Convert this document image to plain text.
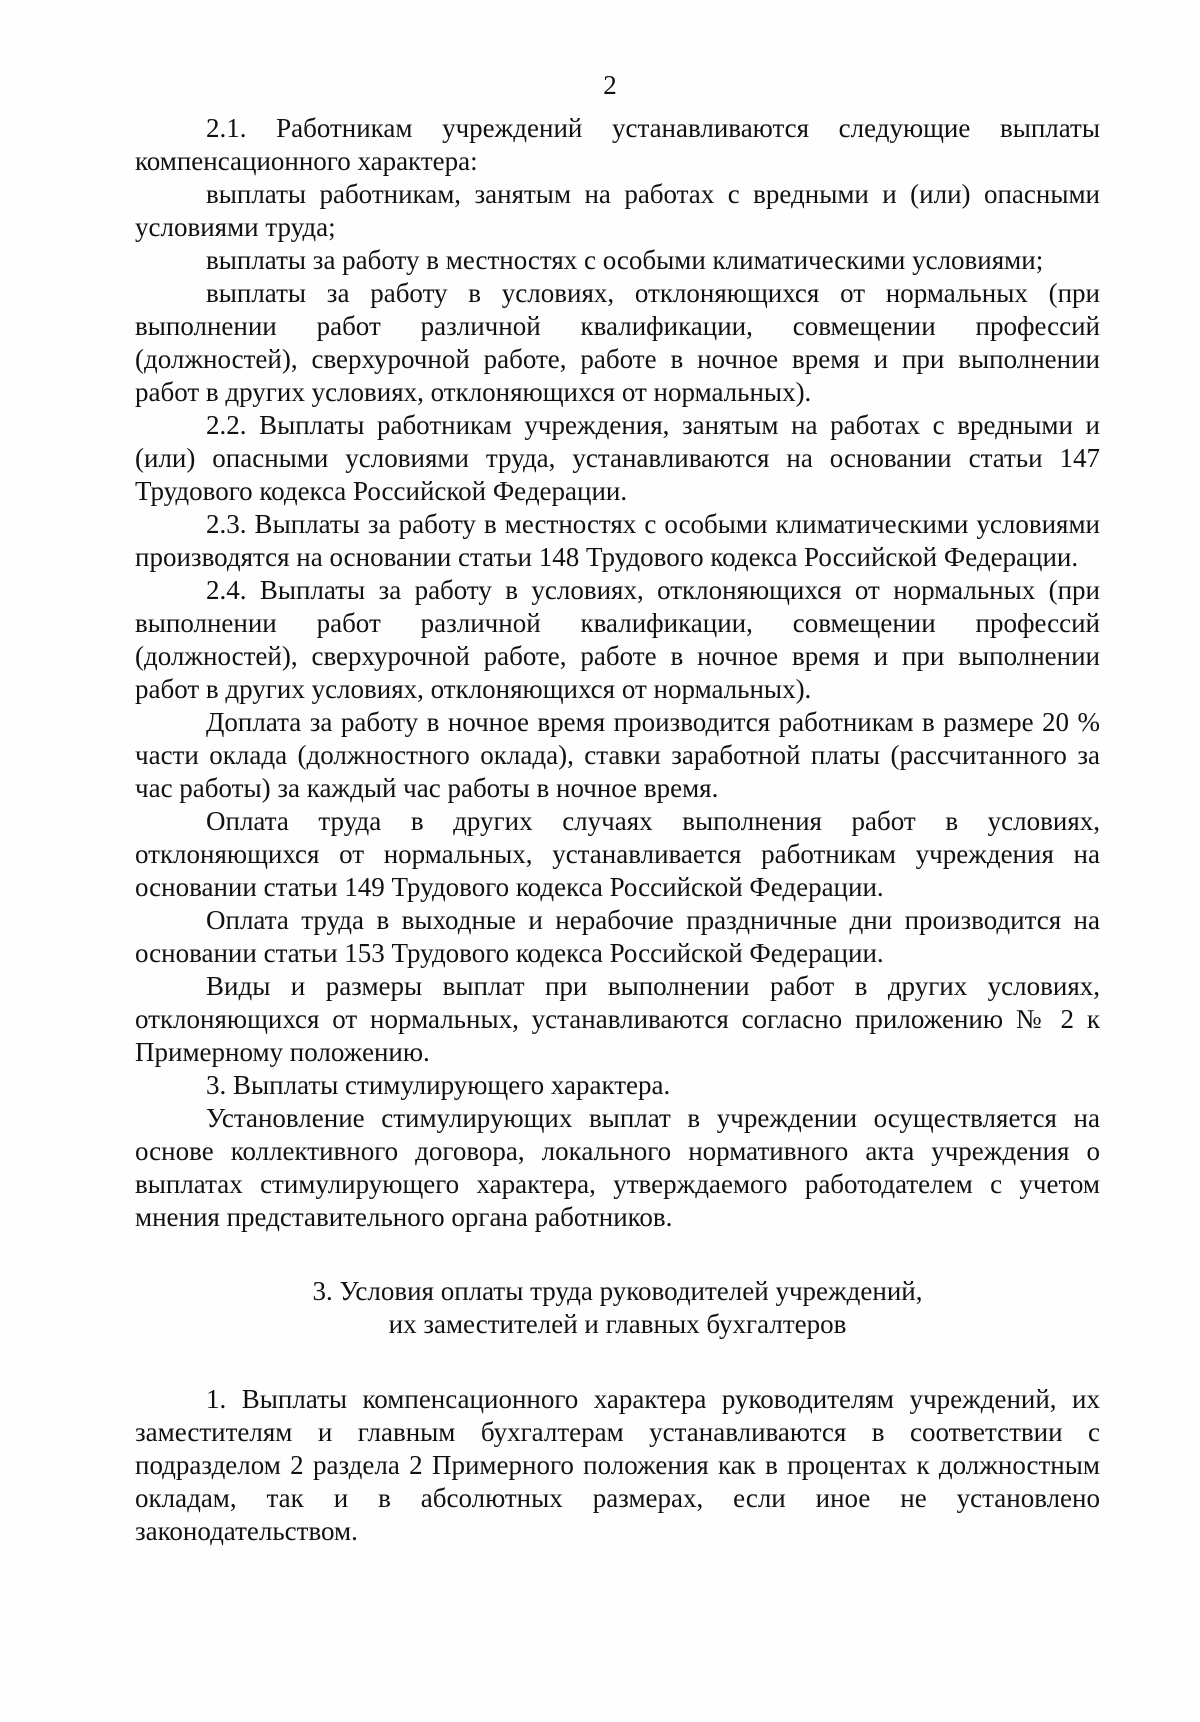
2

2.1. Работникам учреждений устанавливаются следующие выплаты компенсационного характера:

выплаты работникам, занятым на работах с вредными и (или) опасными условиями труда;

выплаты за работу в местностях с особыми климатическими условиями;

выплаты за работу в условиях, отклоняющихся от нормальных (при выполнении работ различной квалификации, совмещении профессий (должностей), сверхурочной работе, работе в ночное время и при выполнении работ в других условиях, отклоняющихся от нормальных).

2.2. Выплаты работникам учреждения, занятым на работах с вредными и (или) опасными условиями труда, устанавливаются на основании статьи 147 Трудового кодекса Российской Федерации.

2.3. Выплаты за работу в местностях с особыми климатическими условиями производятся на основании статьи 148 Трудового кодекса Российской Федерации.

2.4. Выплаты за работу в условиях, отклоняющихся от нормальных (при выполнении работ различной квалификации, совмещении профессий (должностей), сверхурочной работе, работе в ночное время и при выполнении работ в других условиях, отклоняющихся от нормальных).

Доплата за работу в ночное время производится работникам в размере 20 % части оклада (должностного оклада), ставки заработной платы (рассчитанного за час работы) за каждый час работы в ночное время.

Оплата труда в других случаях выполнения работ в условиях, отклоняющихся от нормальных, устанавливается работникам учреждения на основании статьи 149 Трудового кодекса Российской Федерации.

Оплата труда в выходные и нерабочие праздничные дни производится на основании статьи 153 Трудового кодекса Российской Федерации.

Виды и размеры выплат при выполнении работ в других условиях, отклоняющихся от нормальных, устанавливаются согласно приложению № 2 к Примерному положению.

3. Выплаты стимулирующего характера.

Установление стимулирующих выплат в учреждении осуществляется на основе коллективного договора, локального нормативного акта учреждения о выплатах стимулирующего характера, утверждаемого работодателем с учетом мнения представительного органа работников.

3. Условия оплаты труда руководителей учреждений,
их заместителей и главных бухгалтеров

1. Выплаты компенсационного характера руководителям учреждений, их заместителям и главным бухгалтерам устанавливаются в соответствии с подразделом 2 раздела 2 Примерного положения как в процентах к должностным окладам, так и в абсолютных размерах, если иное не установлено законодательством.
